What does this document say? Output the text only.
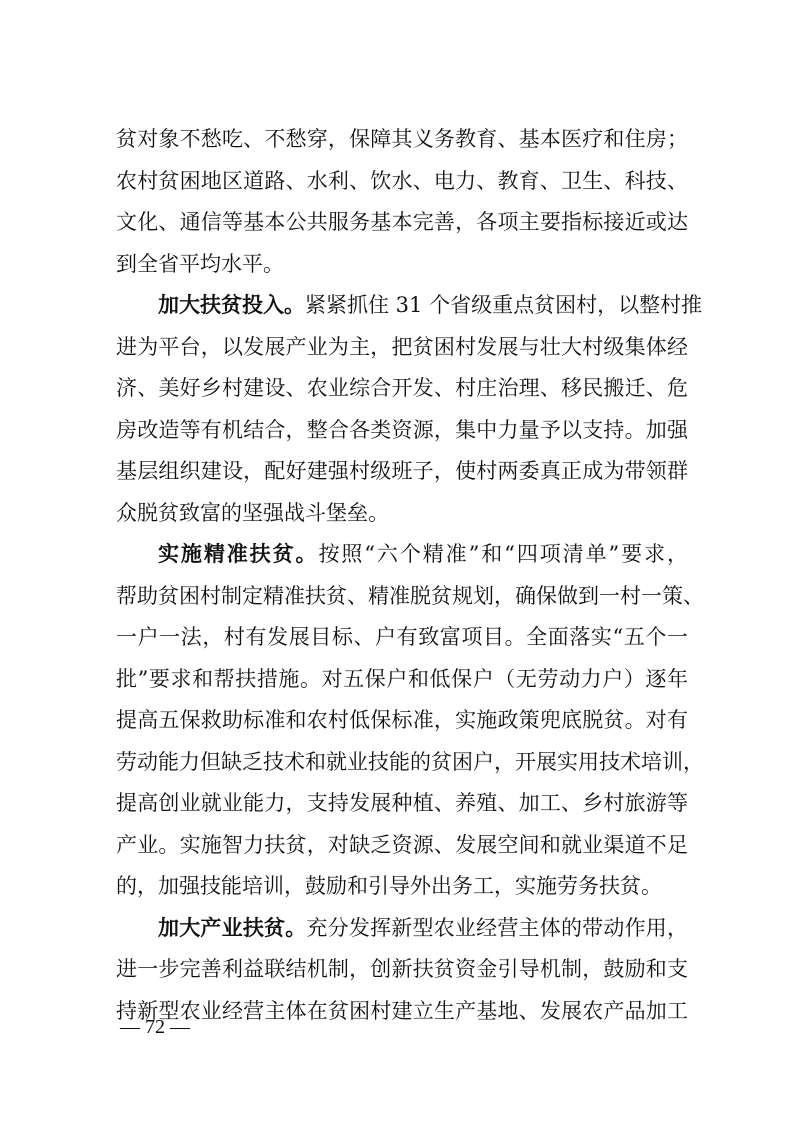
贫对象不愁吃、不愁穿，保障其义务教育、基本医疗和住房；
农村贫困地区道路、水利、饮水、电力、教育、卫生、科技、
文化、通信等基本公共服务基本完善，各项主要指标接近或达
到全省平均水平。
加大扶贫投入。紧紧抓住 31 个省级重点贫困村，以整村推
进为平台，以发展产业为主，把贫困村发展与壮大村级集体经
济、美好乡村建设、农业综合开发、村庄治理、移民搬迁、危
房改造等有机结合，整合各类资源，集中力量予以支持。加强
基层组织建设，配好建强村级班子，使村两委真正成为带领群
众脱贫致富的坚强战斗堡垒。
实施精准扶贫。按照“六个精准”和“四项清单”要求，
帮助贫困村制定精准扶贫、精准脱贫规划，确保做到一村一策、
一户一法，村有发展目标、户有致富项目。全面落实“五个一
批”要求和帮扶措施。对五保户和低保户（无劳动力户）逐年
提高五保救助标准和农村低保标准，实施政策兜底脱贫。对有
劳动能力但缺乏技术和就业技能的贫困户，开展实用技术培训，
提高创业就业能力，支持发展种植、养殖、加工、乡村旅游等
产业。实施智力扶贫，对缺乏资源、发展空间和就业渠道不足
的，加强技能培训，鼓励和引导外出务工，实施劳务扶贫。
加大产业扶贫。充分发挥新型农业经营主体的带动作用，
进一步完善利益联结机制，创新扶贫资金引导机制，鼓励和支
持新型农业经营主体在贫困村建立生产基地、发展农产品加工
— 72 —
